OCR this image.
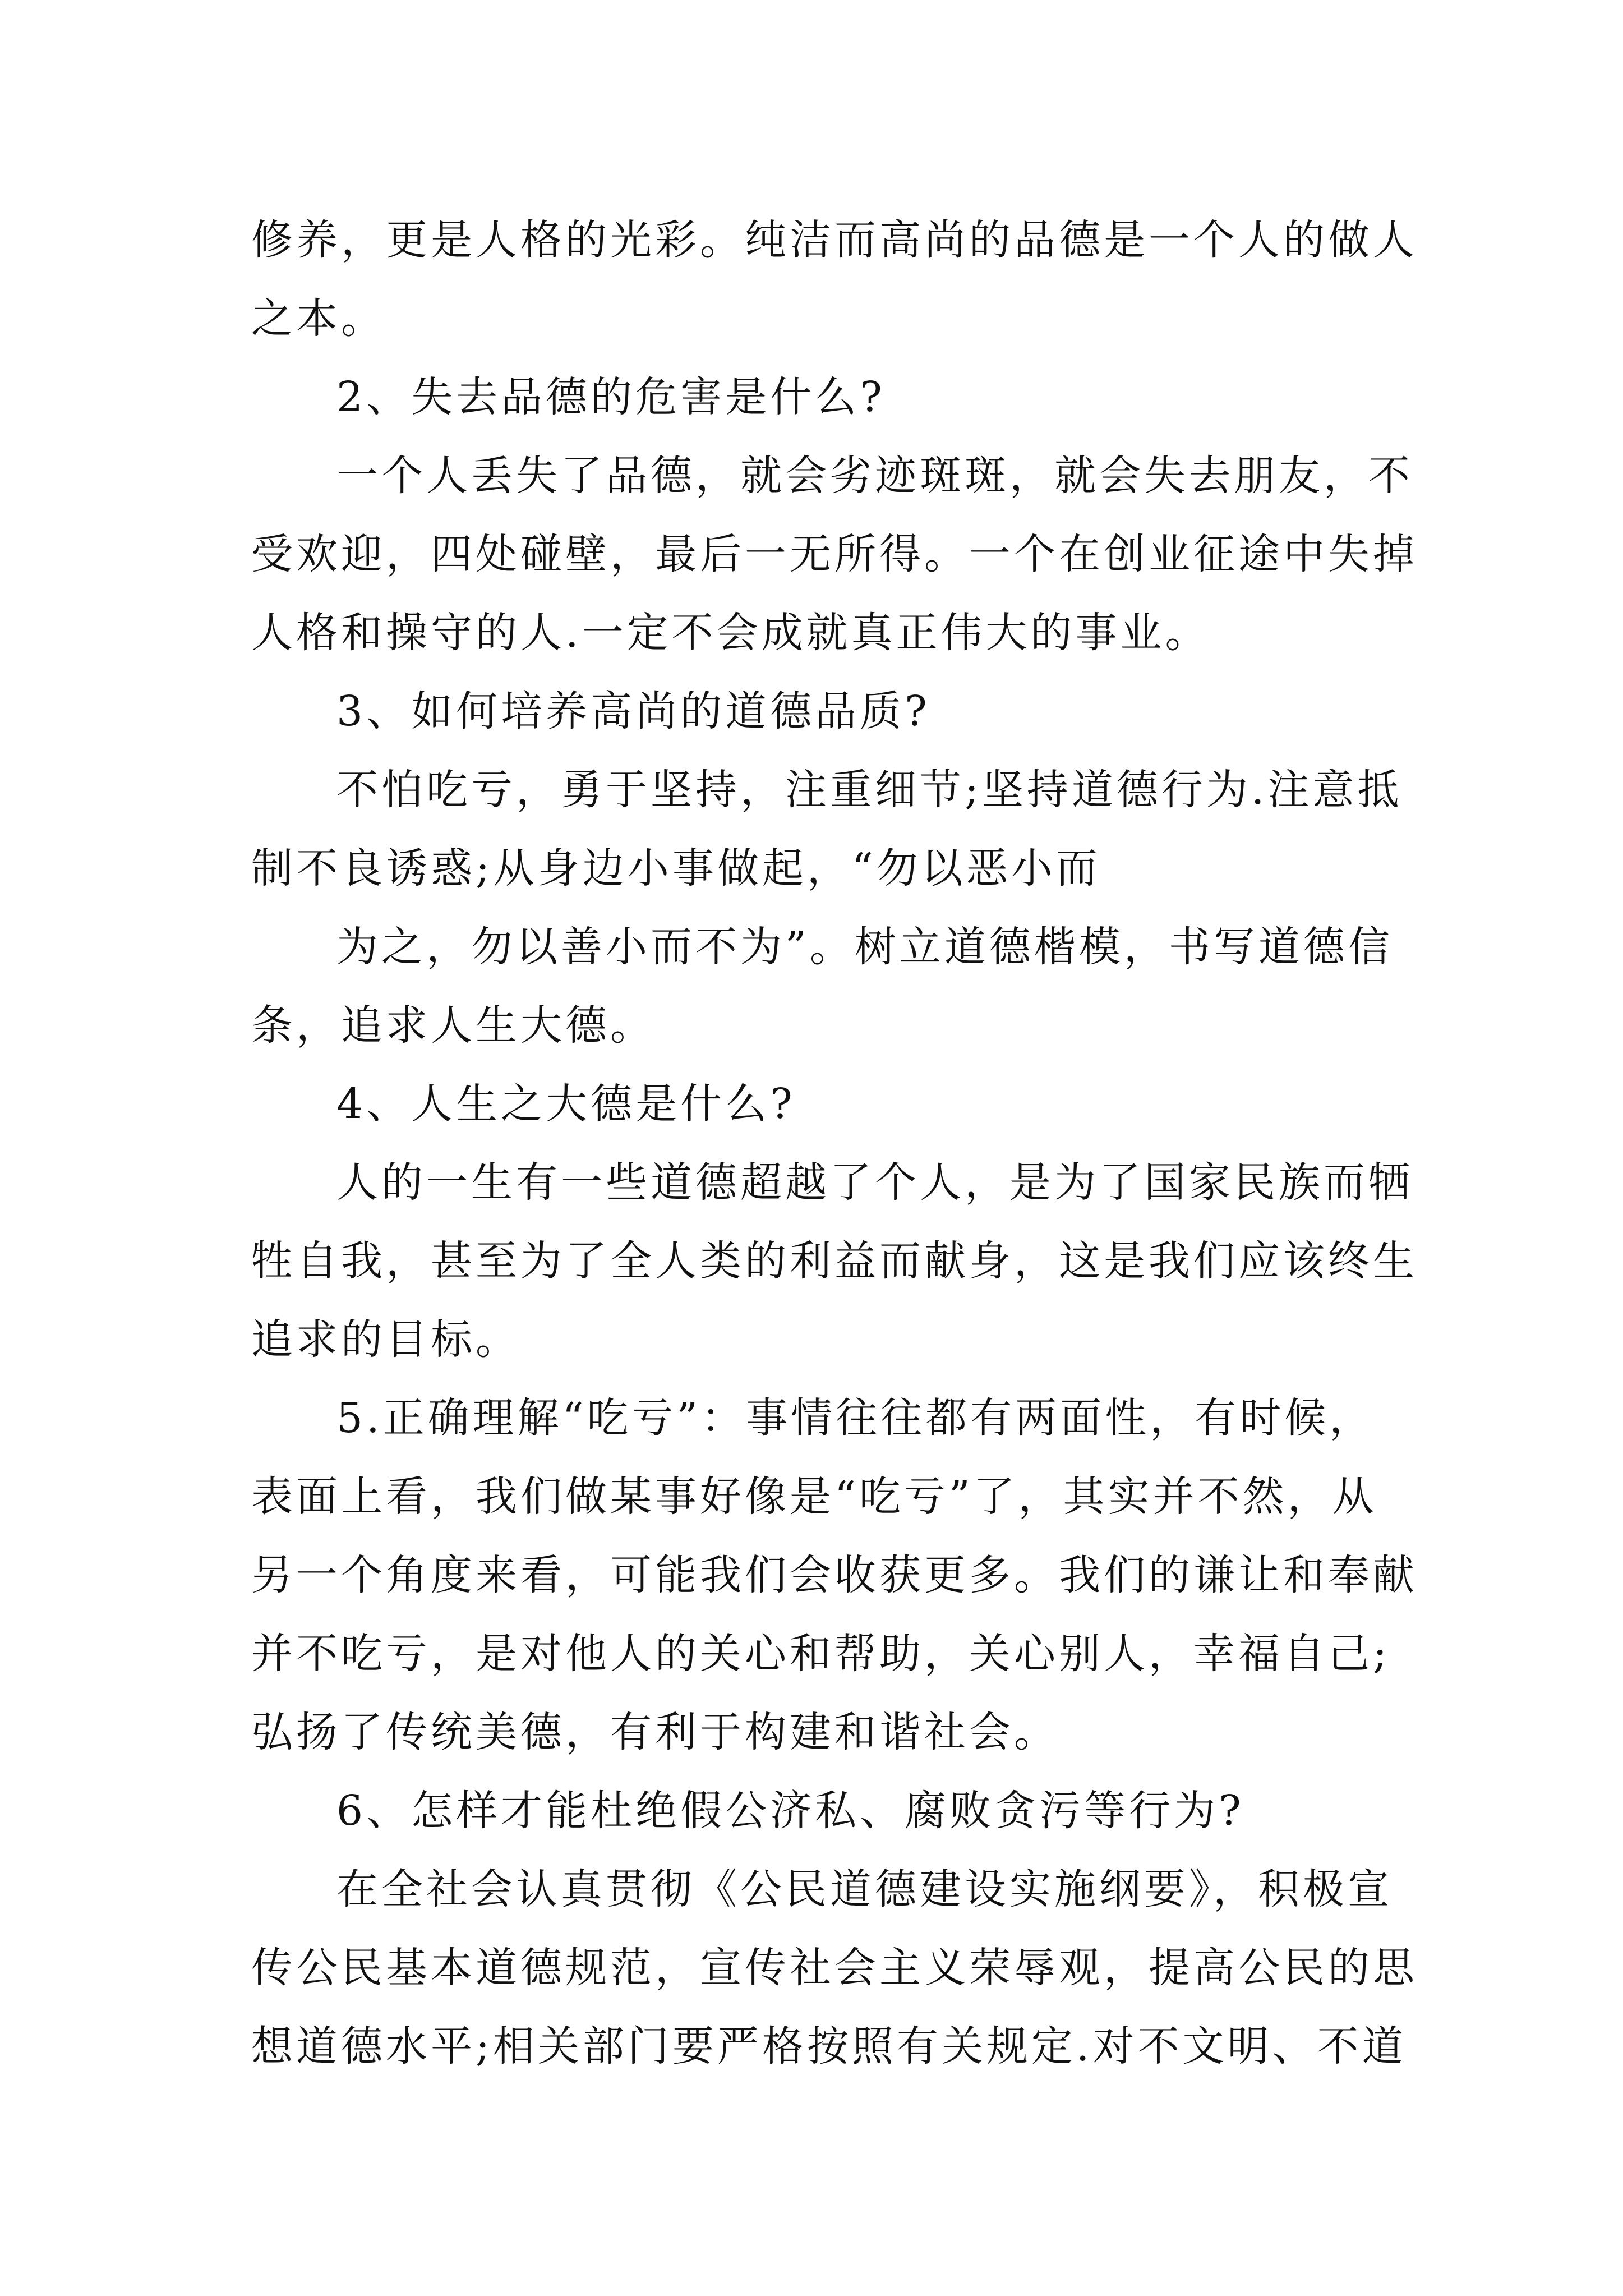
修养，更是人格的光彩。纯洁而高尚的品德是一个人的做人
之本。
2、失去品德的危害是什么?
一个人丢失了品德，就会劣迹斑斑，就会失去朋友，不
受欢迎，四处碰壁，最后一无所得。一个在创业征途中失掉
人格和操守的人.一定不会成就真正伟大的事业。
3、如何培养高尚的道德品质?
不怕吃亏，勇于坚持，注重细节;坚持道德行为.注意抵
制不良诱惑;从身边小事做起，“勿以恶小而
为之，勿以善小而不为”。树立道德楷模，书写道德信
条，追求人生大德。
4、人生之大德是什么?
人的一生有一些道德超越了个人，是为了国家民族而牺
牲自我，甚至为了全人类的利益而献身，这是我们应该终生
追求的目标。
5.正确理解“吃亏”：事情往往都有两面性，有时候，
表面上看，我们做某事好像是“吃亏”了，其实并不然，从
另一个角度来看，可能我们会收获更多。我们的谦让和奉献
并不吃亏，是对他人的关心和帮助，关心别人，幸福自己;
弘扬了传统美德，有利于构建和谐社会。
6、怎样才能杜绝假公济私、腐败贪污等行为?
在全社会认真贯彻《公民道德建设实施纲要》，积极宣
传公民基本道德规范，宣传社会主义荣辱观，提高公民的思
想道德水平;相关部门要严格按照有关规定.对不文明、不道
